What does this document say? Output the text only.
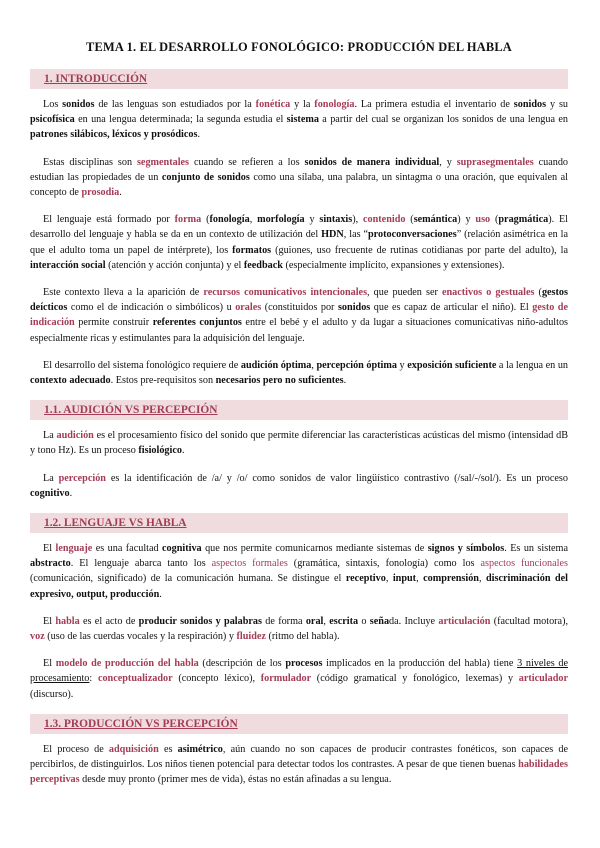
TEMA 1. EL DESARROLLO FONOLÓGICO: PRODUCCIÓN DEL HABLA
1. INTRODUCCIÓN

Los sonidos de las lenguas son estudiados por la fonética y la fonología. La primera estudia el inventario de sonidos y su psicofísica en una lengua determinada; la segunda estudia el sistema a partir del cual se organizan los sonidos de una lengua en patrones silábicos, léxicos y prosódicos.

Estas disciplinas son segmentales cuando se refieren a los sonidos de manera individual, y suprasegmentales cuando estudian las propiedades de un conjunto de sonidos como una sílaba, una palabra, un sintagma o una oración, que equivalen al concepto de prosodia.

El lenguaje está formado por forma (fonología, morfología y sintaxis), contenido (semántica) y uso (pragmática). El desarrollo del lenguaje y habla se da en un contexto de utilización del HDN, las “protoconversaciones” (relación asimétrica en la que el adulto toma un papel de intérprete), los formatos (guiones, uso frecuente de rutinas cotidianas por parte del adulto), la interacción social (atención y acción conjunta) y el feedback (especialmente implícito, expansiones y extensiones).

Este contexto lleva a la aparición de recursos comunicativos intencionales, que pueden ser enactivos o gestuales (gestos deícticos como el de indicación o simbólicos) u orales (constituidos por sonidos que es capaz de articular el niño). El gesto de indicación permite construir referentes conjuntos entre el bebé y el adulto y da lugar a situaciones comunicativas niño-adultos especialmente ricas y estimulantes para la adquisición del lenguaje.

El desarrollo del sistema fonológico requiere de audición óptima, percepción óptima y exposición suficiente a la lengua en un contexto adecuado. Estos pre-requisitos son necesarios pero no suficientes.

1.1. AUDICIÓN VS PERCEPCIÓN

La audición es el procesamiento físico del sonido que permite diferenciar las características acústicas del mismo (intensidad dB y tono Hz). Es un proceso fisiológico.

La percepción es la identificación de /a/ y /o/ como sonidos de valor lingüístico contrastivo (/sal/-/sol/). Es un proceso cognitivo.

1.2. LENGUAJE VS HABLA

El lenguaje es una facultad cognitiva que nos permite comunicarnos mediante sistemas de signos y símbolos. Es un sistema abstracto. El lenguaje abarca tanto los aspectos formales (gramática, sintaxis, fonología) como los aspectos funcionales (comunicación, significado) de la comunicación humana. Se distingue el receptivo, input, comprensión, discriminación del expresivo, output, producción.

El habla es el acto de producir sonidos y palabras de forma oral, escrita o señada. Incluye articulación (facultad motora), voz (uso de las cuerdas vocales y la respiración) y fluidez (ritmo del habla).

El modelo de producción del habla (descripción de los procesos implicados en la producción del habla) tiene 3 niveles de procesamiento: conceptualizador (concepto léxico), formulador (código gramatical y fonológico, lexemas) y articulador (discurso).

1.3. PRODUCCIÓN VS PERCEPCIÓN

El proceso de adquisición es asimétrico, aún cuando no son capaces de producir contrastes fonéticos, son capaces de percibirlos, de distinguirlos. Los niños tienen potencial para detectar todos los contrastes. A pesar de que tienen buenas habilidades perceptivas desde muy pronto (primer mes de vida), éstas no están afinadas a su lengua.
